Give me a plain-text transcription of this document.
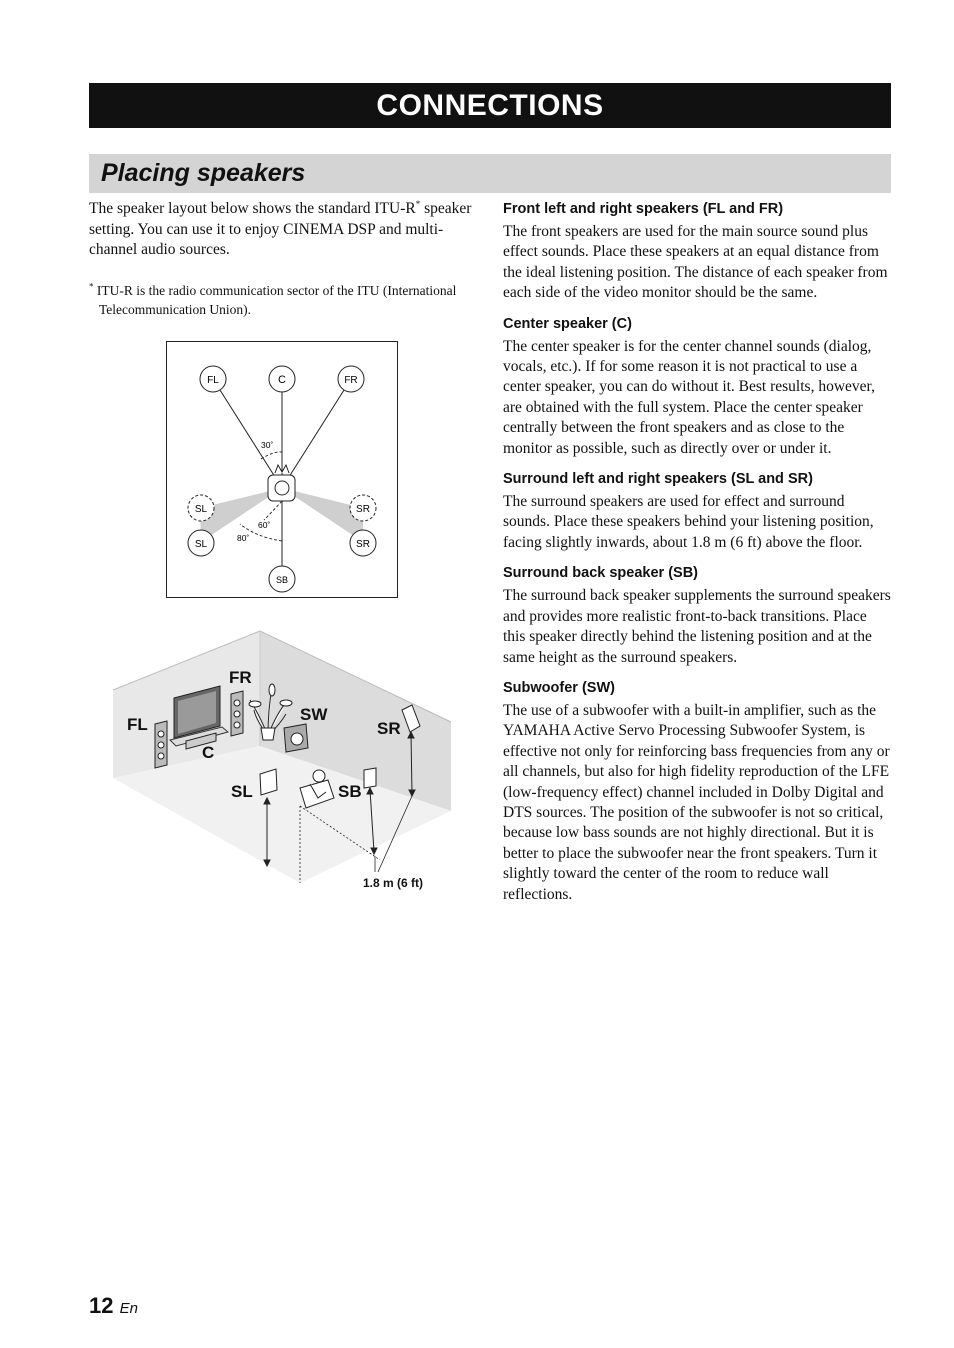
CONNECTIONS
Placing speakers

The speaker layout below shows the standard ITU-R* speaker setting. You can use it to enjoy CINEMA DSP and multi-channel audio sources.

* ITU-R is the radio communication sector of the ITU (International Telecommunication Union).

FL	C	FR
SL
SL
SR
SR
SB
30˚
60˚
80˚
FR
FL
C
SW
SR
SL	SB
1.8 m (6 ft)
Front left and right speakers (FL and FR)

The front speakers are used for the main source sound plus effect sounds. Place these speakers at an equal distance from the ideal listening position. The distance of each speaker from each side of the video monitor should be the same.

Center speaker (C)

The center speaker is for the center channel sounds (dialog, vocals, etc.). If for some reason it is not practical to use a center speaker, you can do without it. Best results, however, are obtained with the full system. Place the center speaker centrally between the front speakers and as close to the monitor as possible, such as directly over or under it.

Surround left and right speakers (SL and SR)

The surround speakers are used for effect and surround sounds. Place these speakers behind your listening position, facing slightly inwards, about 1.8 m (6 ft) above the floor.

Surround back speaker (SB)

The surround back speaker supplements the surround speakers and provides more realistic front-to-back transitions. Place this speaker directly behind the listening position and at the same height as the surround speakers.

Subwoofer (SW)

The use of a subwoofer with a built-in amplifier, such as the YAMAHA Active Servo Processing Subwoofer System, is effective not only for reinforcing bass frequencies from any or all channels, but also for high fidelity reproduction of the LFE (low-frequency effect) channel included in Dolby Digital and DTS sources. The position of the subwoofer is not so critical, because low bass sounds are not highly directional. But it is better to place the subwoofer near the front speakers. Turn it slightly toward the center of the room to reduce wall reflections.

12 En
